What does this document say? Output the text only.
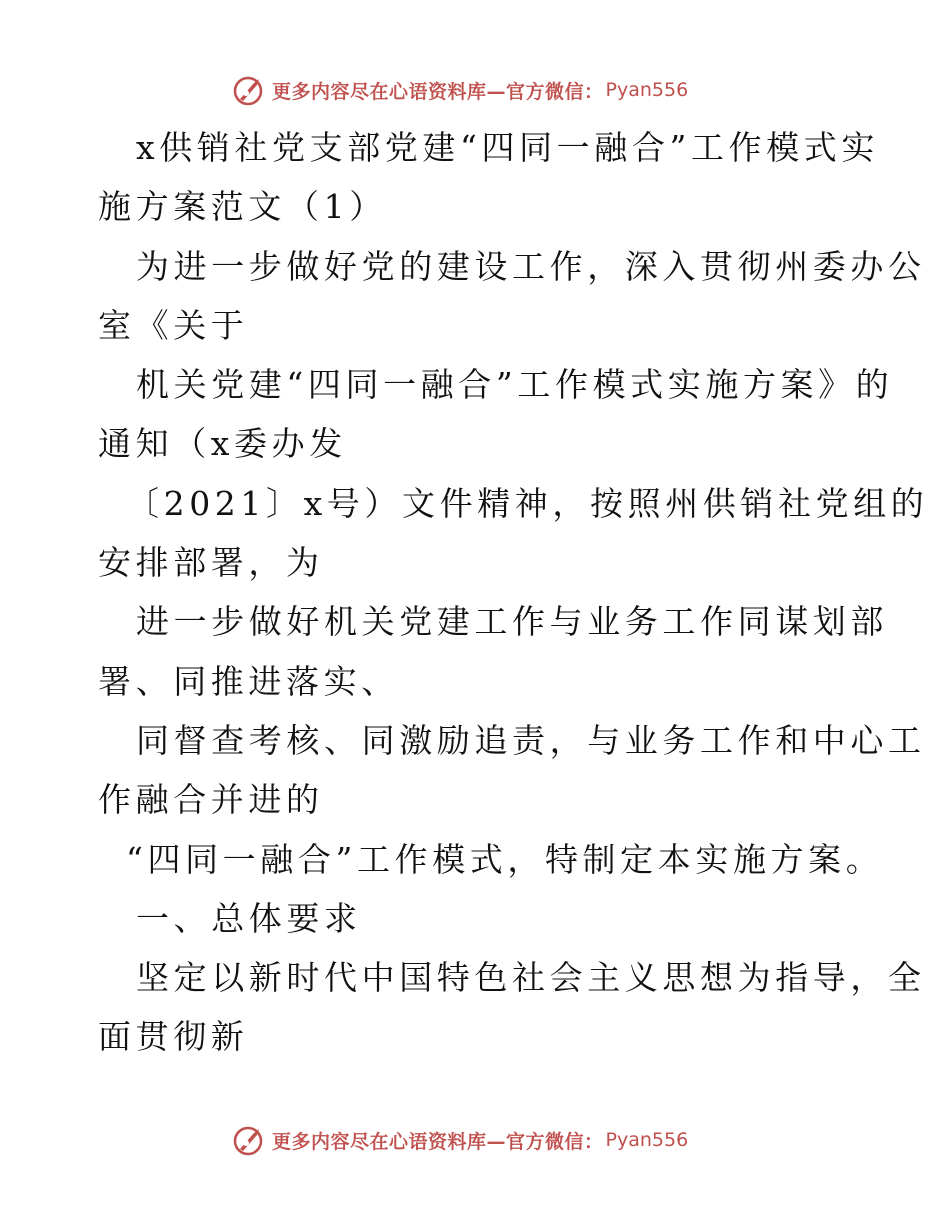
更多内容尽在心语资料库—官方微信： Pyan556
x供销社党支部党建“四同一融合”工作模式实
施方案范文（1）
为进一步做好党的建设工作，深入贯彻州委办公
室《关于
机关党建“四同一融合”工作模式实施方案》的
通知（x委办发
〔2021〕x号）文件精神，按照州供销社党组的
安排部署，为
进一步做好机关党建工作与业务工作同谋划部
署、同推进落实、
同督查考核、同激励追责，与业务工作和中心工
作融合并进的
“四同一融合”工作模式，特制定本实施方案。
一、总体要求
坚定以新时代中国特色社会主义思想为指导，全
面贯彻新
更多内容尽在心语资料库—官方微信： Pyan556
